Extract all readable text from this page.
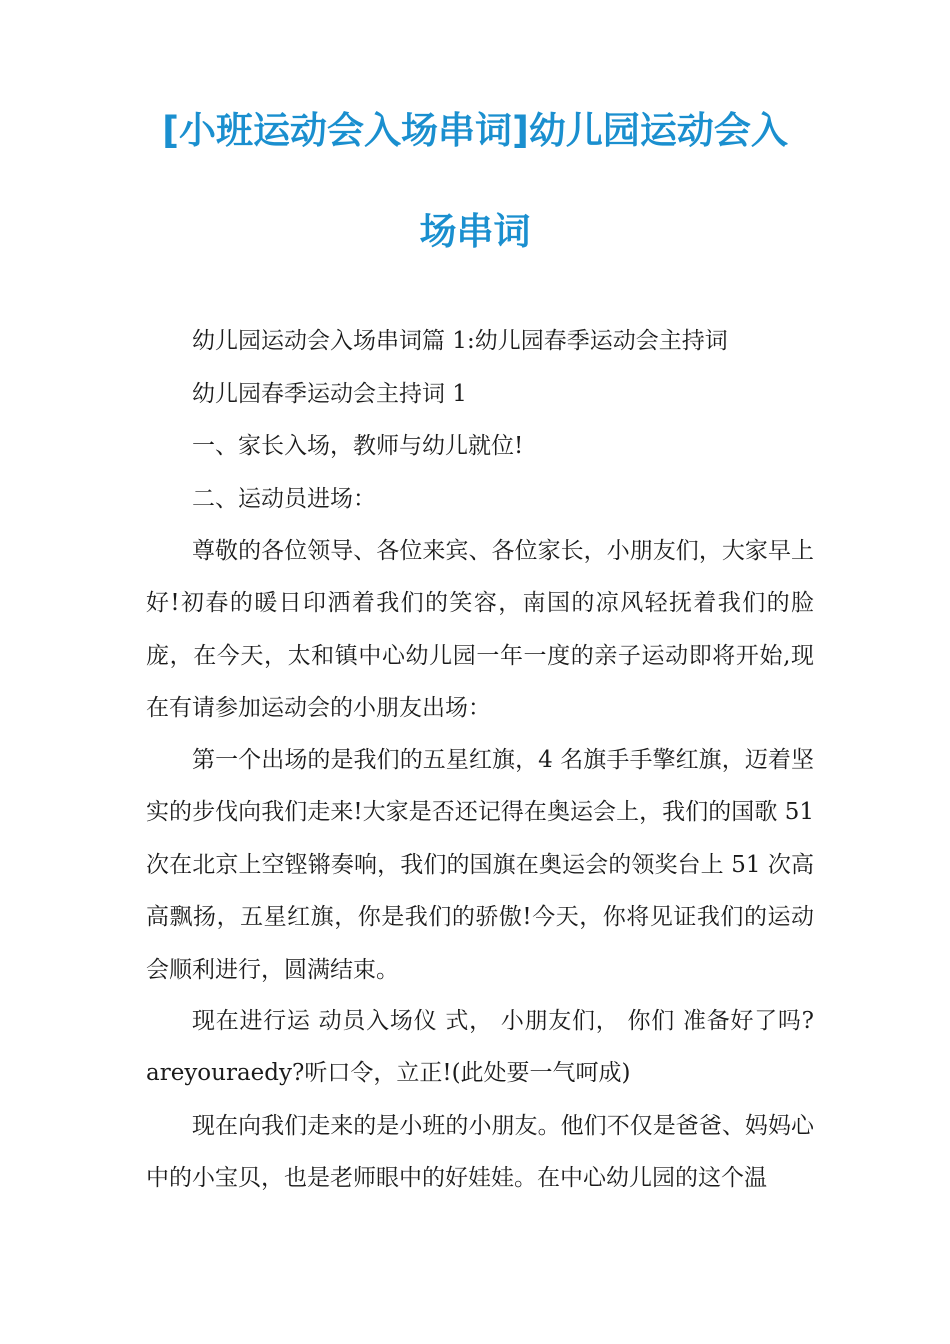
[小班运动会入场串词]幼儿园运动会入
场串词

幼儿园运动会入场串词篇 1:幼儿园春季运动会主持词

幼儿园春季运动会主持词 1

一、家长入场，教师与幼儿就位!

二、运动员进场：

尊敬的各位领导、各位来宾、各位家长，小朋友们，大家早上好!初春的暖日印洒着我们的笑容，南国的凉风轻抚着我们的脸庞，在今天，太和镇中心幼儿园一年一度的亲子运动即将开始,现在有请参加运动会的小朋友出场：

第一个出场的是我们的五星红旗，4 名旗手手擎红旗，迈着坚实的步伐向我们走来!大家是否还记得在奥运会上，我们的国歌 51 次在北京上空铿锵奏响，我们的国旗在奥运会的领奖台上 51 次高高飘扬，五星红旗，你是我们的骄傲!今天，你将见证我们的运动会顺利进行，圆满结束。

现在进行运 动员入场仪 式， 小朋友们， 你们 准备好了吗?areyouraedy?听口令，立正!(此处要一气呵成)

现在向我们走来的是小班的小朋友。他们不仅是爸爸、妈妈心中的小宝贝，也是老师眼中的好娃娃。在中心幼儿园的这个温
